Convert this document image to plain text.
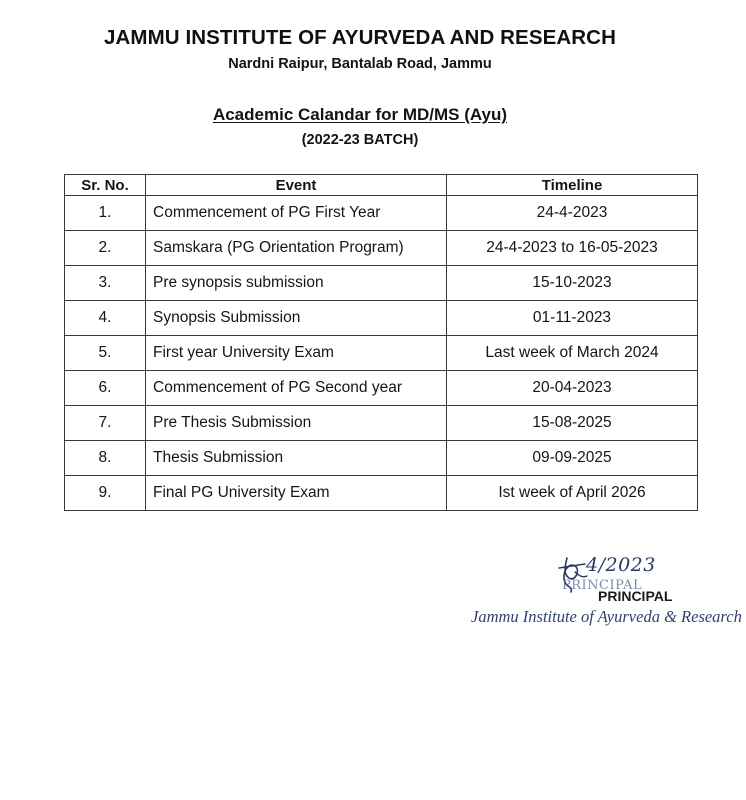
JAMMU INSTITUTE OF AYURVEDA AND RESEARCH
Nardni Raipur, Bantalab Road, Jammu
Academic Calandar for MD/MS (Ayu)
(2022-23 BATCH)
Sr. No.	Event	Timeline
1.	Commencement of PG First Year	24-4-2023
2.	Samskara (PG Orientation Program)	24-4-2023 to 16-05-2023
3.	Pre synopsis submission	15-10-2023
4.	Synopsis Submission	01-11-2023
5.	First year University Exam	Last week of March 2024
6.	Commencement of PG Second year	20-04-2023
7.	Pre Thesis Submission	15-08-2025
8.	Thesis Submission	09-09-2025
9.	Final PG University Exam	Ist week of April 2026
4/2023
PRINCIPAL
PRINCIPAL
Jammu Institute of Ayurveda & Research
